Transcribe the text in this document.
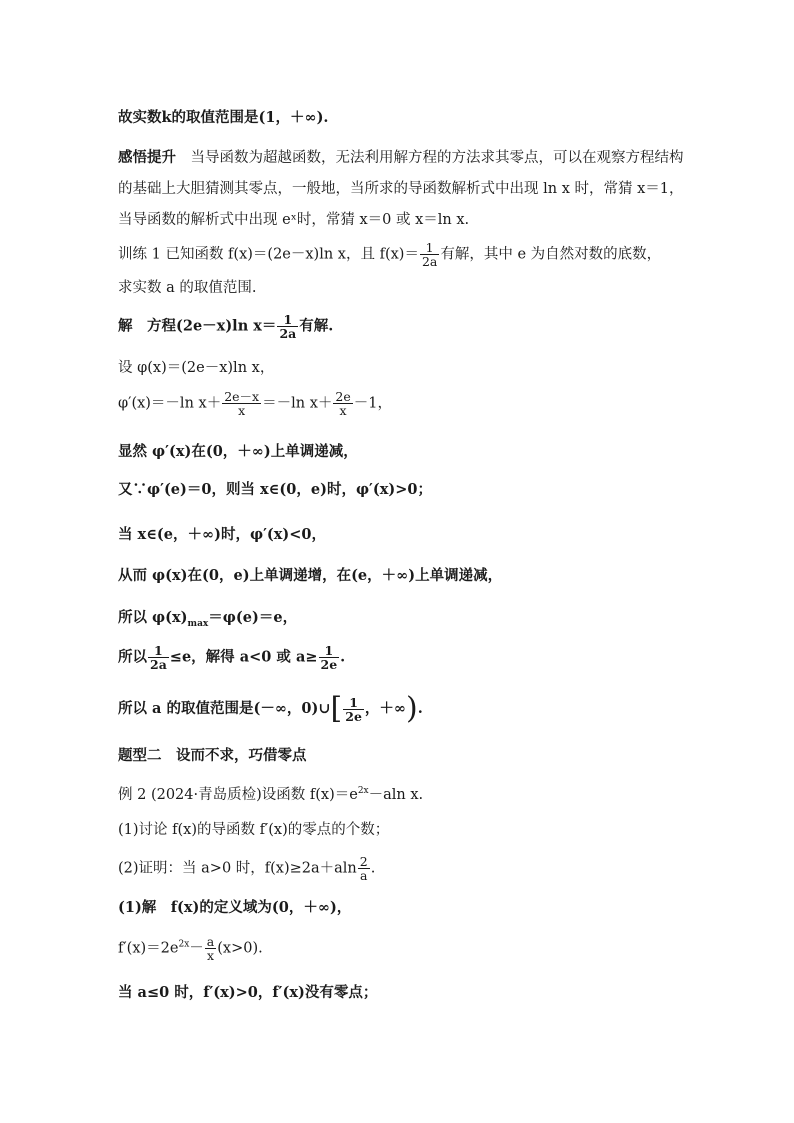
故实数k的取值范围是(1，＋∞).
感悟提升　当导函数为超越函数，无法利用解方程的方法求其零点，可以在观察方程结构的基础上大胆猜测其零点，一般地，当所求的导函数解析式中出现 ln x 时，常猜 x＝1，当导函数的解析式中出现 eˣ时，常猜 x＝0 或 x＝ln x.
训练 1 已知函数 f(x)＝(2e－x)ln x，且 $f(x)= \frac{1}{2a}$ 有解，其中 e 为自然对数的底数，
求实数 a 的取值范围.
解　方程(2e－x)ln $x= \frac{1}{2a}$ 有解.
设 φ(x)＝(2e－x)ln x，
φ′(x)＝－ln $x+ \frac{2e-x}{x} =-\ln$ $x+ \frac{2e}{x} -1$，
显然 φ′(x)在(0，＋∞)上单调递减，
又∵φ′(e)＝0，则当 x∈(0，e)时，φ′(x)>0；
当 x∈(e，＋∞)时，φ′(x)<0，
从而 φ(x)在(0，e)上单调递增，在(e，＋∞)上单调递减，
所以 $\varphi(x)_{max}=\varphi(e)=e$，
所以 $\frac{1}{2a} \le e$，解得 a<0 或 $a\ge \frac{1}{2e}$ .
所以 a 的取值范围是(－∞，0)∪[ $\frac{1}{2e}$ ，＋∞).
题型二　设而不求，巧借零点
例 2 (2024·青岛质检)设函数 $f(x)=e^{2x}-aln$ x.
(1)讨论 f(x)的导函数 f′(x)的零点的个数；
(2)证明：当 a>0 时，$f(x)\ge 2a+aln \frac{2}{a}$ .
(1)解　f(x)的定义域为(0，＋∞)，
$f'(x)=2e^{2x}- \frac{a}{x} (x>0)$.
当 a≤0 时，f′(x)>0，f′(x)没有零点；
